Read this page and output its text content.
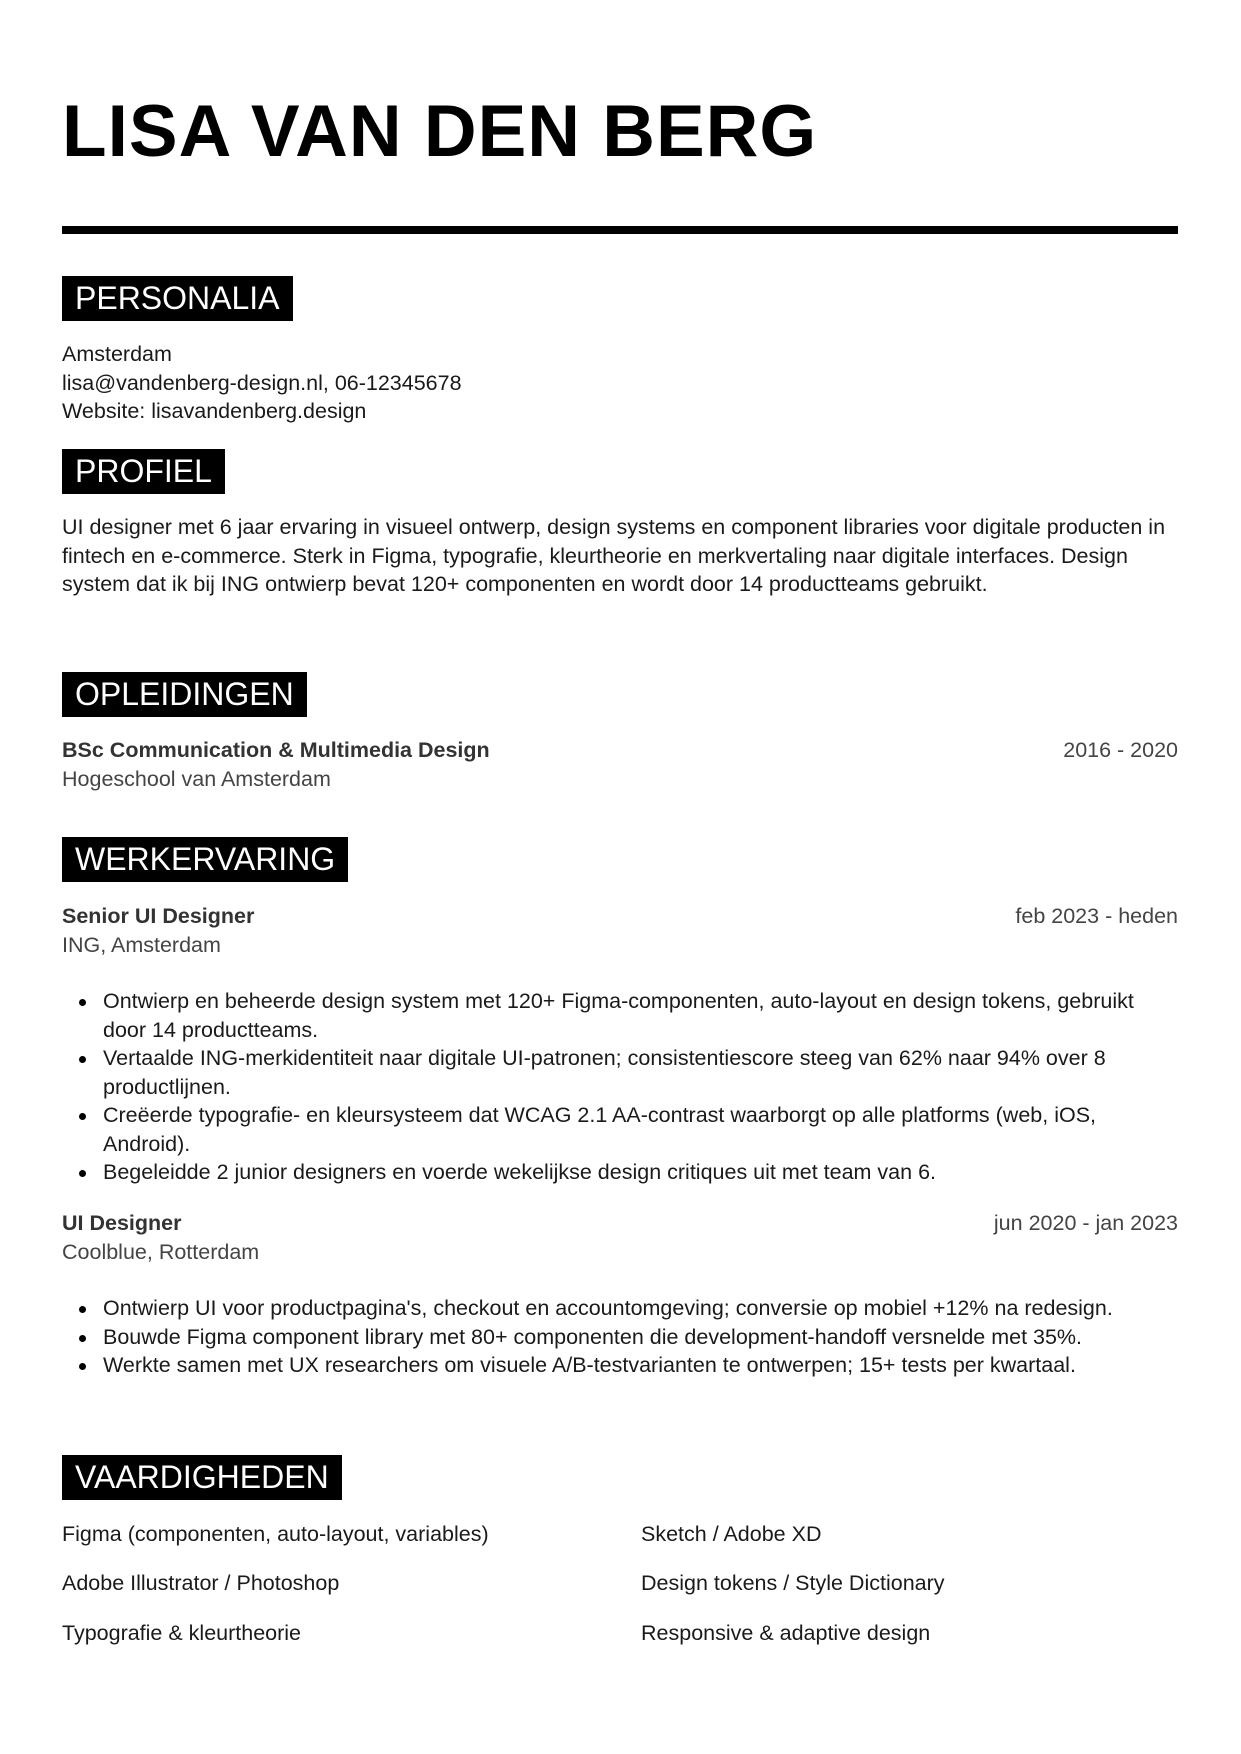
LISA VAN DEN BERG
PERSONALIA
Amsterdam
lisa@vandenberg-design.nl, 06-12345678
Website: lisavandenberg.design
PROFIEL
UI designer met 6 jaar ervaring in visueel ontwerp, design systems en component libraries voor digitale producten in fintech en e-commerce. Sterk in Figma, typografie, kleurtheorie en merkvertaling naar digitale interfaces. Design system dat ik bij ING ontwierp bevat 120+ componenten en wordt door 14 productteams gebruikt.
OPLEIDINGEN
BSc Communication & Multimedia Design	2016 - 2020
Hogeschool van Amsterdam
WERKERVARING
Senior UI Designer	feb 2023 - heden
ING, Amsterdam
Ontwierp en beheerde design system met 120+ Figma-componenten, auto-layout en design tokens, gebruikt door 14 productteams.
Vertaalde ING-merkidentiteit naar digitale UI-patronen; consistentiescore steeg van 62% naar 94% over 8 productlijnen.
Creëerde typografie- en kleursysteem dat WCAG 2.1 AA-contrast waarborgt op alle platforms (web, iOS, Android).
Begeleidde 2 junior designers en voerde wekelijkse design critiques uit met team van 6.
UI Designer	jun 2020 - jan 2023
Coolblue, Rotterdam
Ontwierp UI voor productpagina's, checkout en accountomgeving; conversie op mobiel +12% na redesign.
Bouwde Figma component library met 80+ componenten die development-handoff versnelde met 35%.
Werkte samen met UX researchers om visuele A/B-testvarianten te ontwerpen; 15+ tests per kwartaal.
VAARDIGHEDEN
Figma (componenten, auto-layout, variables)	Sketch / Adobe XD
Adobe Illustrator / Photoshop	Design tokens / Style Dictionary
Typografie & kleurtheorie	Responsive & adaptive design
